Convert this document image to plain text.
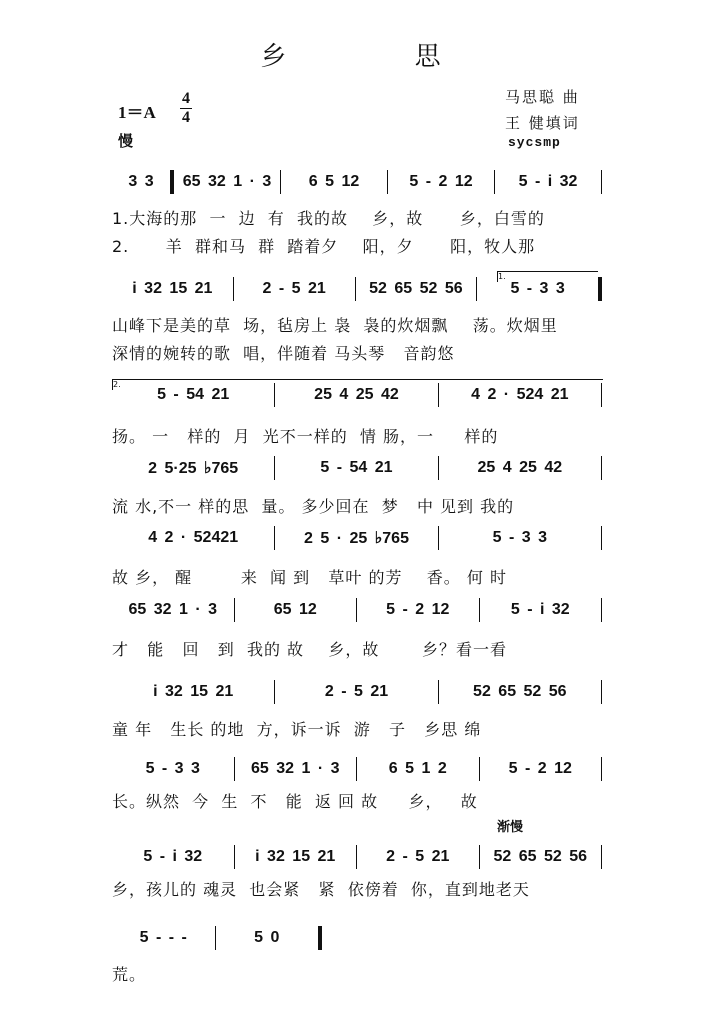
乡 思
1＝A
4
4
慢
马思聪 曲
王 健填词
sycsmp
渐慢
3 3	65 32 1 · 3	6 5 12	5 - 2 12	5 - i 32
1.大海的那  一  边  有  我的故    乡，故      乡，白雪的
2.      羊  群和马  群  踏着夕    阳，夕      阳，牧人那
i 32 15 21	2 - 5 21	52 65 52 56	5 - 3 3
1.
山峰下是美的草  场，毡房上 袅  袅的炊烟飘    荡。炊烟里
深情的婉转的歌  唱，伴随着 马头琴   音韵悠
5 - 54 21	25 4 25 42	4 2 · 524 21
2.
扬。 一   样的  月  光不一样的  情 肠，一     样的
2 5·25 ♭765	5 - 54 21	25 4 25 42
流 水,不一 样的思  量。 多少回在  梦   中 见到 我的
4 2 · 52421	2 5 · 25 ♭765	5 - 3 3
故 乡， 醒        来  闻 到   草叶 的芳    香。 何 时
65 32 1 · 3	65 12	5 - 2 12	5 - i 32
才   能   回   到  我的 故    乡，故       乡？看一看
i 32 15 21	2 - 5 21	52 65 52 56
童 年   生长 的地  方，诉一诉  游   子   乡思 绵
5 - 3 3	65 32 1 · 3	6 5 1 2	5 - 2 12
长。纵然  今  生  不   能  返 回 故     乡，   故
5 - i 32	i 32 15 21	2 - 5 21	52 65 52 56
乡，孩儿的 魂灵  也会紧   紧  依傍着  你，直到地老天
5 - - -	5 0
荒。
